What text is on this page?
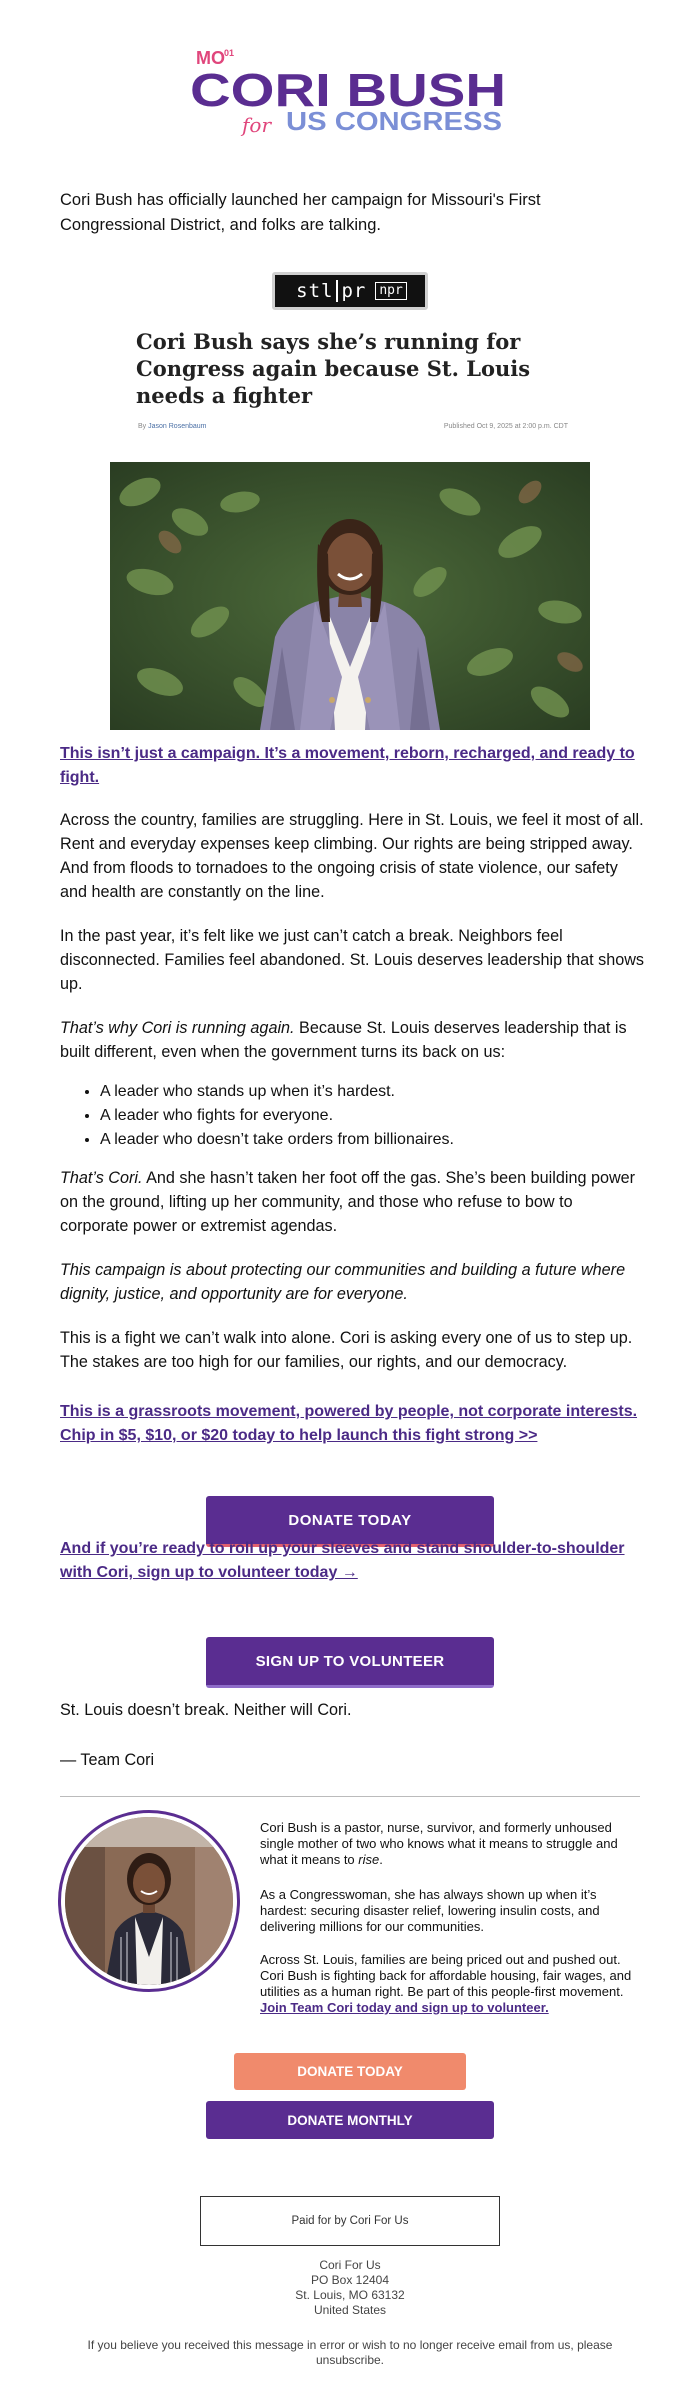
MO 01
CORI BUSH
for US CONGRESS

Cori Bush has officially launched her campaign for Missouri's First Congressional District, and folks are talking.

stl pr	npr
Cori Bush says she’s running for Congress again because St. Louis needs a fighter
By Jason Rosenbaum	Published Oct 9, 2025 at 2:00 p.m. CDT
This isn’t just a campaign. It’s a movement, reborn, recharged, and ready to fight.

Across the country, families are struggling. Here in St. Louis, we feel it most of all. Rent and everyday expenses keep climbing. Our rights are being stripped away. And from floods to tornadoes to the ongoing crisis of state violence, our safety and health are constantly on the line.

In the past year, it’s felt like we just can’t catch a break. Neighbors feel disconnected. Families feel abandoned. St. Louis deserves leadership that shows up.

That’s why Cori is running again. Because St. Louis deserves leadership that is built different, even when the government turns its back on us:

• A leader who stands up when it’s hardest.
• A leader who fights for everyone.
• A leader who doesn’t take orders from billionaires.

That’s Cori. And she hasn’t taken her foot off the gas. She’s been building power on the ground, lifting up her community, and those who refuse to bow to corporate power or extremist agendas.

This campaign is about protecting our communities and building a future where dignity, justice, and opportunity are for everyone.

This is a fight we can’t walk into alone. Cori is asking every one of us to step up. The stakes are too high for our families, our rights, and our democracy.

This is a grassroots movement, powered by people, not corporate interests. Chip in $5, $10, or $20 today to help launch this fight strong >>
DONATE TODAY
And if you’re ready to roll up your sleeves and stand shoulder-to-shoulder with Cori, sign up to volunteer today →
SIGN UP TO VOLUNTEER

St. Louis doesn’t break. Neither will Cori.

— Team Cori

Cori Bush is a pastor, nurse, survivor, and formerly unhoused single mother of two who knows what it means to struggle and what it means to rise.

As a Congresswoman, she has always shown up when it’s hardest: securing disaster relief, lowering insulin costs, and delivering millions for our communities.

Across St. Louis, families are being priced out and pushed out. Cori Bush is fighting back for affordable housing, fair wages, and utilities as a human right. Be part of this people-first movement. Join Team Cori today and sign up to volunteer.

DONATE TODAY
DONATE MONTHLY
Paid for by Cori For Us
Cori For Us
PO Box 12404
St. Louis, MO 63132
United States

If you believe you received this message in error or wish to no longer receive email from us, please unsubscribe.
